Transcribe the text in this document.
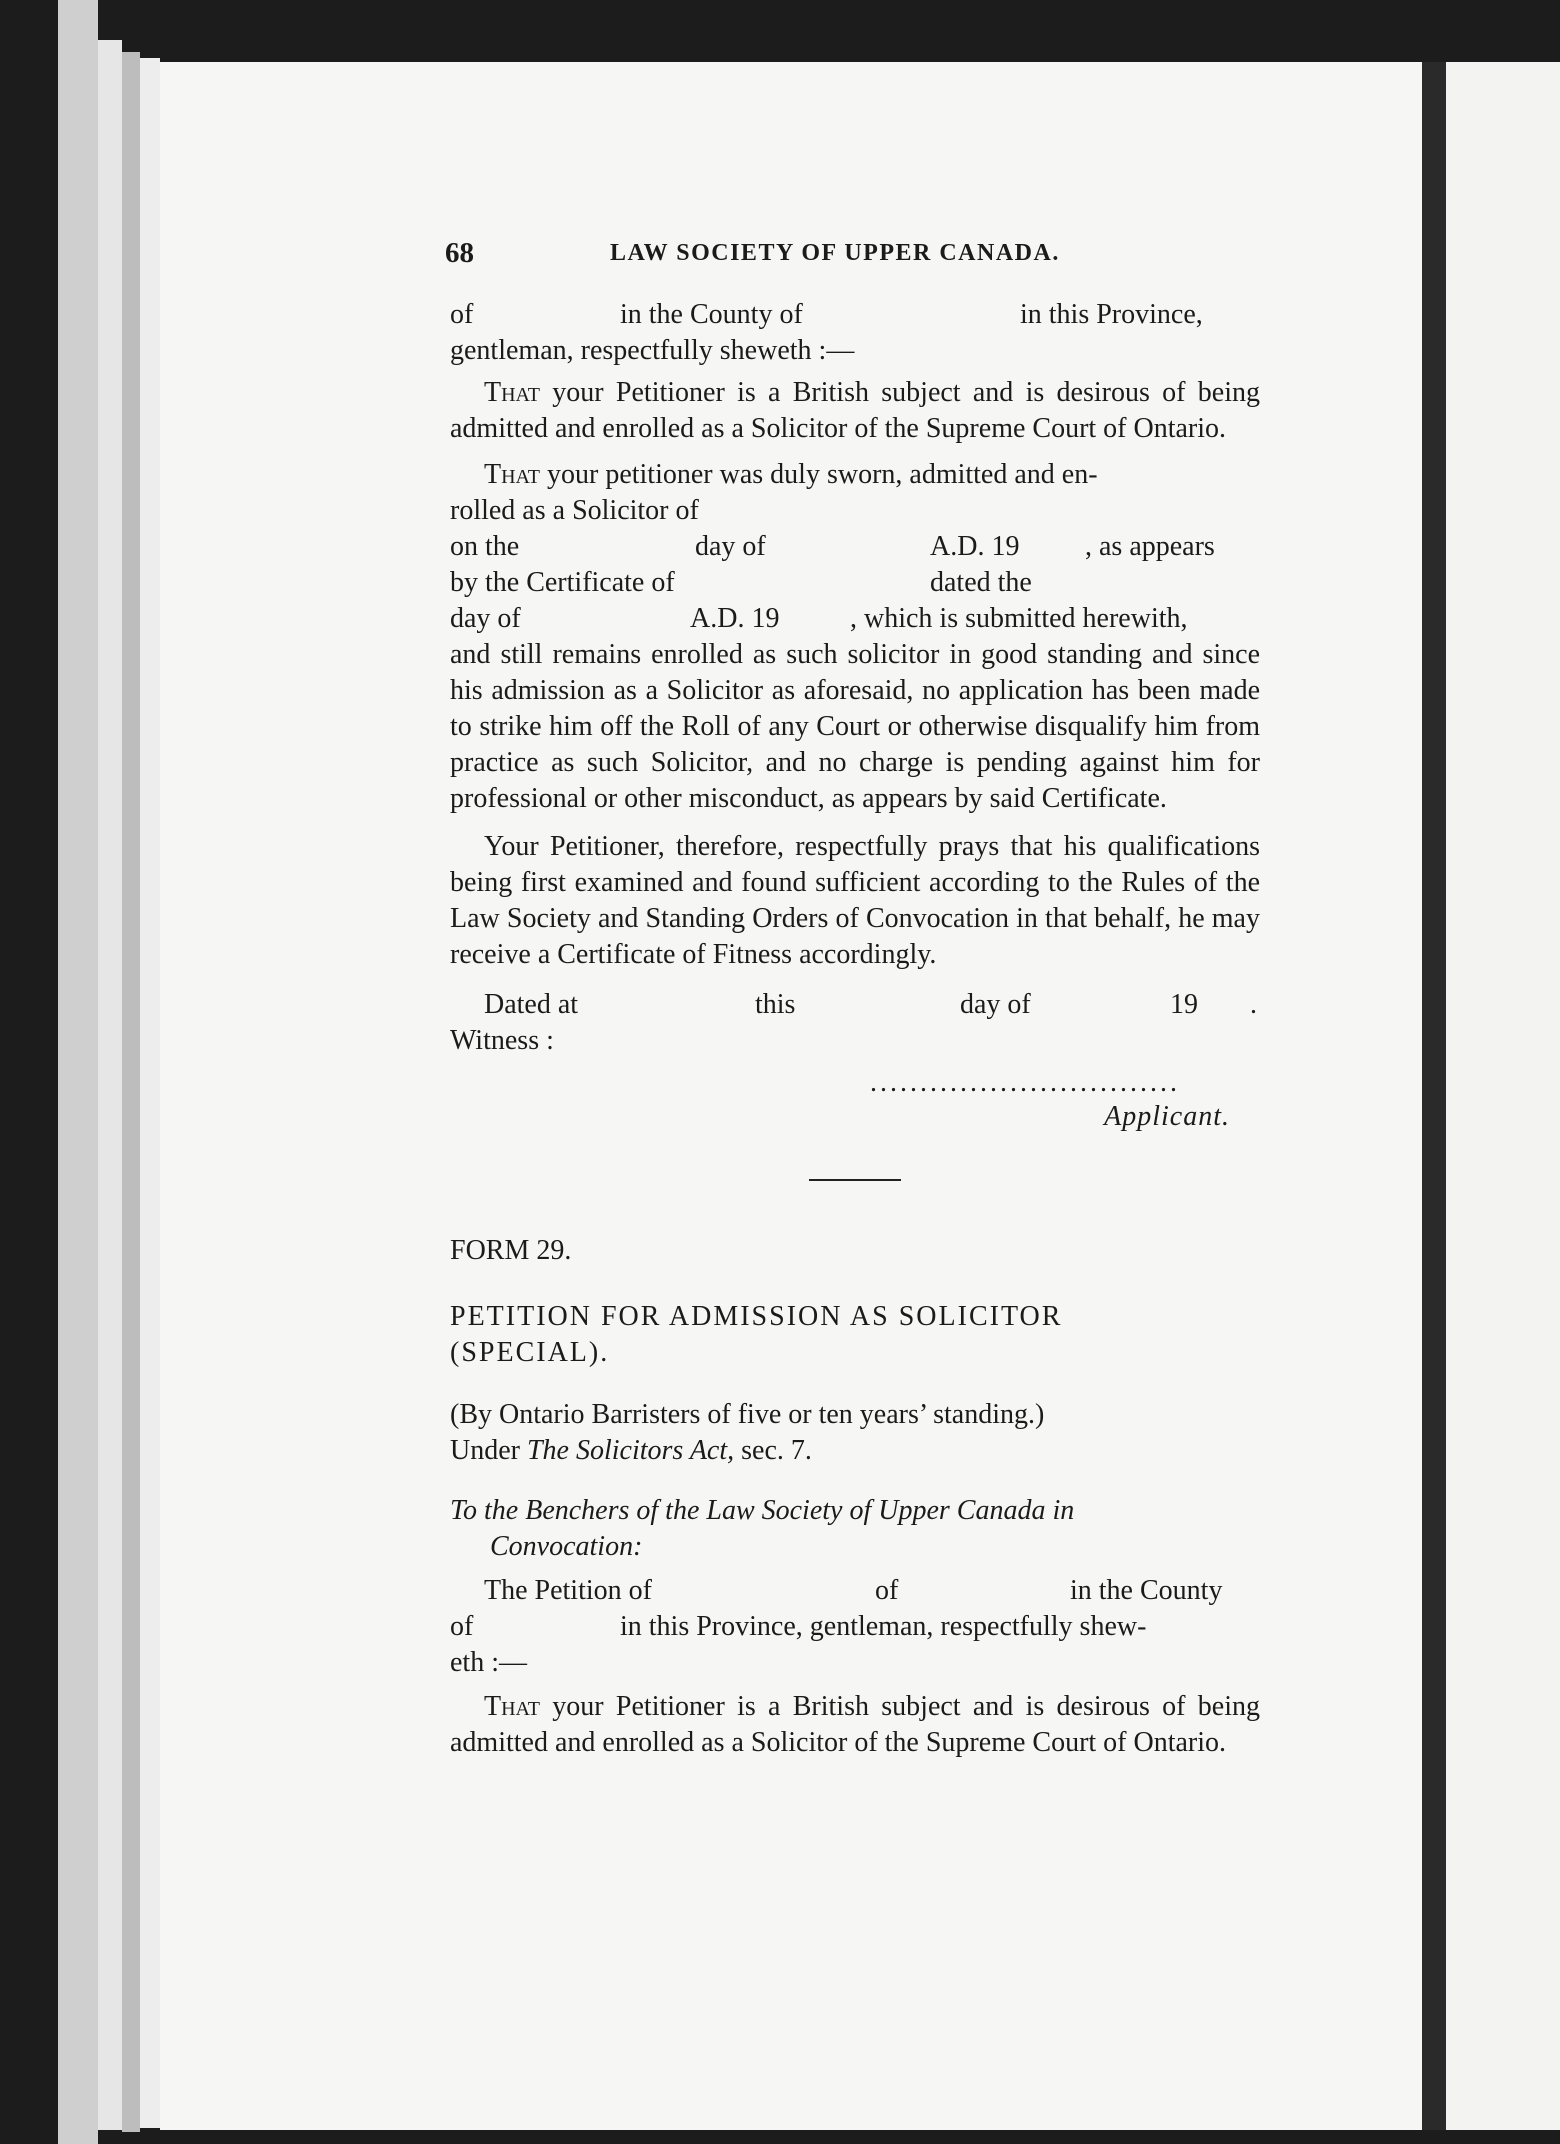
68	LAW SOCIETY OF UPPER CANADA.
of	in the County of	in this Province,

gentleman, respectfully sheweth :—

That your Petitioner is a British subject and is desirous of being admitted and enrolled as a Solicitor of the Supreme Court of Ontario.

That your petitioner was duly sworn, admitted and en-

rolled as a Solicitor of

on the	day of	A.D. 19 , as appears
by the Certificate of	dated the
day of	A.D. 19	, which is submitted herewith,

and still remains enrolled as such solicitor in good standing and since his admission as a Solicitor as aforesaid, no application has been made to strike him off the Roll of any Court or otherwise disqualify him from practice as such Solicitor, and no charge is pending against him for professional or other misconduct, as appears by said Certificate.

Your Petitioner, therefore, respectfully prays that his qualifications being first examined and found sufficient according to the Rules of the Law Society and Standing Orders of Convocation in that behalf, he may receive a Certificate of Fitness accordingly.

Dated at	this	day of	19 .

Witness :

...............................
Applicant.

FORM 29.

PETITION FOR ADMISSION AS SOLICITOR

(SPECIAL).

(By Ontario Barristers of five or ten years’ standing.)

Under The Solicitors Act, sec. 7.

To the Benchers of the Law Society of Upper Canada in

Convocation:

The Petition of	of	in the County
of	in this Province, gentleman, respectfully shew-

eth :—

That your Petitioner is a British subject and is desirous of being admitted and enrolled as a Solicitor of the Supreme Court of Ontario.
